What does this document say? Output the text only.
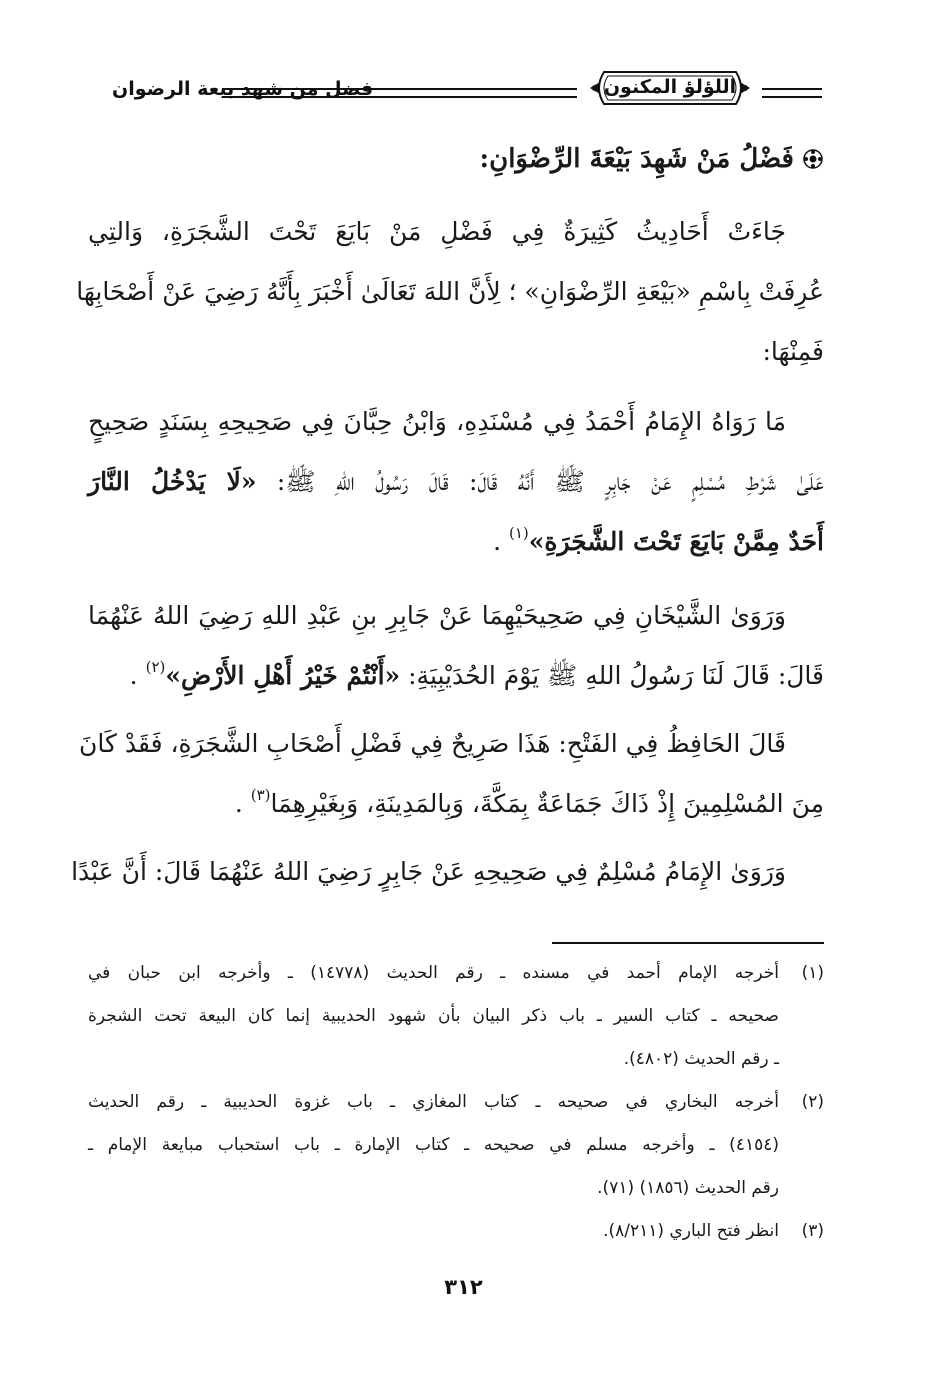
اللؤلؤ المكنون
فضل من شهد بيعة الرضوان
فَضْلُ مَنْ شَهِدَ بَيْعَةَ الرِّضْوَانِ:
جَاءَتْ أَحَادِيثُ كَثِيرَةٌ فِي فَضْلِ مَنْ بَايَعَ تَحْتَ الشَّجَرَةِ، وَالتِي
عُرِفَتْ بِاسْمِ «بَيْعَةِ الرِّضْوَانِ» ؛ لِأَنَّ اللهَ تَعَالَىٰ أَخْبَرَ بِأَنَّهُ رَضِيَ عَنْ أَصْحَابِهَا
فَمِنْهَا:
مَا رَوَاهُ الإِمَامُ أَحْمَدُ فِي مُسْنَدِهِ، وَابْنُ حِبَّانَ فِي صَحِيحِهِ بِسَنَدٍ صَحِيحٍ
عَلَىٰ شَرْطِ مُسْلِمٍ عَنْ جَابِرٍ ﷺ أَنَّهُ قَالَ: قَالَ رَسُولُ اللهِ ﷺ: «لَا يَدْخُلُ النَّارَ
أَحَدٌ مِمَّنْ بَايَعَ تَحْتَ الشَّجَرَةِ»$^{(١)}$ .
وَرَوَىٰ الشَّيْخَانِ فِي صَحِيحَيْهِمَا عَنْ جَابِرِ بنِ عَبْدِ اللهِ رَضِيَ اللهُ عَنْهُمَا
قَالَ: قَالَ لَنَا رَسُولُ اللهِ ﷺ يَوْمَ الحُدَيْبِيَةِ: «أَنْتُمْ خَيْرُ أَهْلِ الأَرْضِ»$^{(٢)}$ .
قَالَ الحَافِظُ فِي الفَتْحِ: هَذَا صَرِيحٌ فِي فَضْلِ أَصْحَابِ الشَّجَرَةِ، فَقَدْ كَانَ
مِنَ المُسْلِمِينَ إِذْ ذَاكَ جَمَاعَةٌ بِمَكَّةَ، وَبِالمَدِينَةِ، وَبِغَيْرِهِمَا$^{(٣)}$ .
وَرَوَىٰ الإِمَامُ مُسْلِمٌ فِي صَحِيحِهِ عَنْ جَابِرٍ رَضِيَ اللهُ عَنْهُمَا قَالَ: أَنَّ عَبْدًا
(١)
أخرجه الإمام أحمد في مسنده ـ رقم الحديث (١٤٧٧٨) ـ وأخرجه ابن حبان في
صحيحه ـ كتاب السير ـ باب ذكر البيان بأن شهود الحديبية إنما كان البيعة تحت الشجرة
ـ رقم الحديث (٤٨٠٢).
(٢)
أخرجه البخاري في صحيحه ـ كتاب المغازي ـ باب غزوة الحديبية ـ رقم الحديث
(٤١٥٤) ـ وأخرجه مسلم في صحيحه ـ كتاب الإمارة ـ باب استحباب مبايعة الإمام ـ
رقم الحديث (١٨٥٦) (٧١).
(٣)
انظر فتح الباري (٨/٢١١).
٣١٢
